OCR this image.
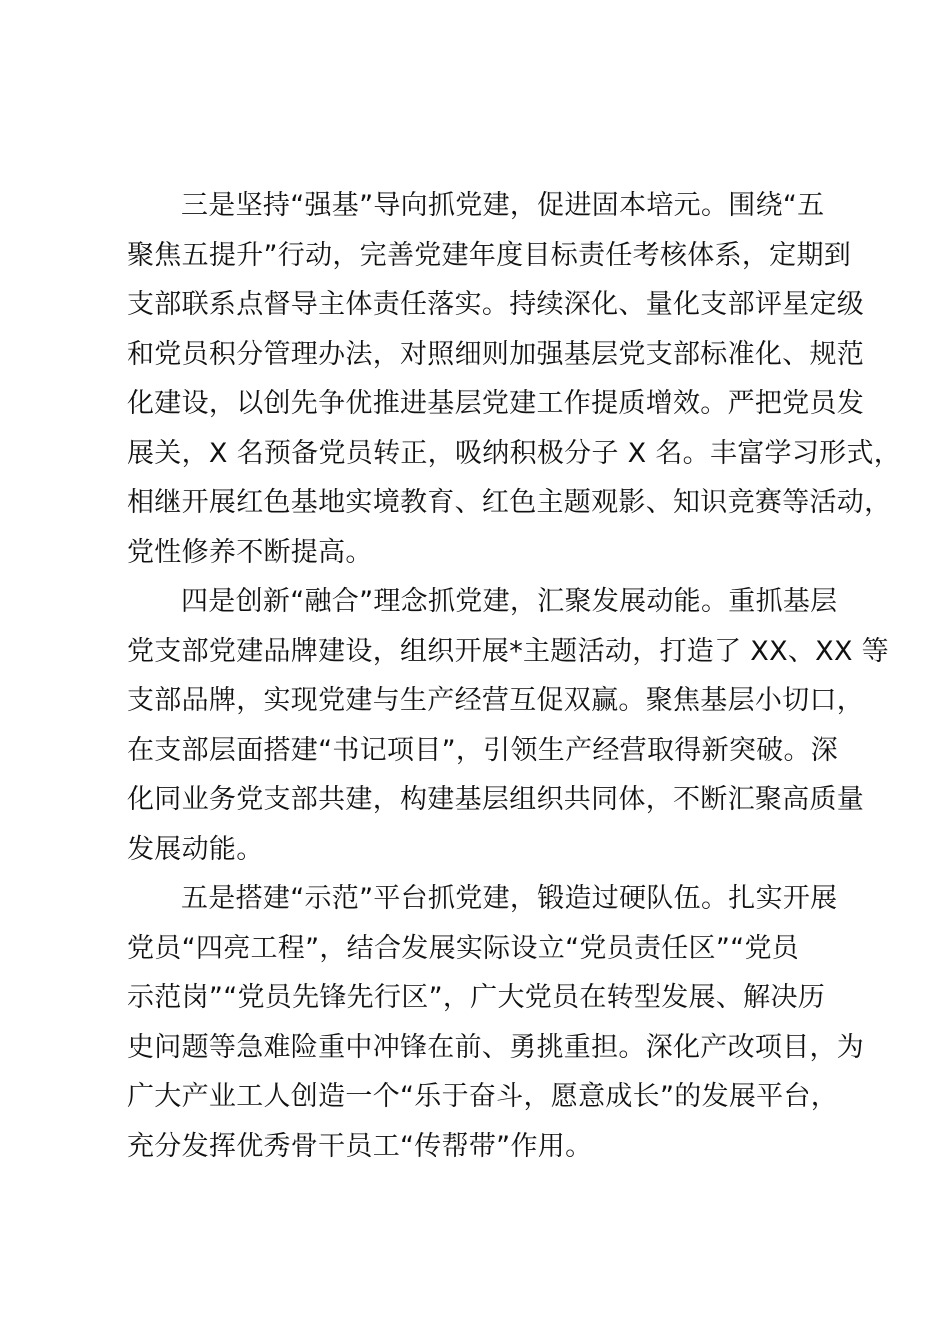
三是坚持“强基”导向抓党建，促进固本培元。围绕“五
聚焦五提升”行动，完善党建年度目标责任考核体系，定期到
支部联系点督导主体责任落实。持续深化、量化支部评星定级
和党员积分管理办法，对照细则加强基层党支部标准化、规范
化建设，以创先争优推进基层党建工作提质增效。严把党员发
展关，X 名预备党员转正，吸纳积极分子 X 名。丰富学习形式，
相继开展红色基地实境教育、红色主题观影、知识竞赛等活动，
党性修养不断提高。
四是创新“融合”理念抓党建，汇聚发展动能。重抓基层
党支部党建品牌建设，组织开展*主题活动，打造了 XX、XX 等
支部品牌，实现党建与生产经营互促双赢。聚焦基层小切口，
在支部层面搭建“书记项目”，引领生产经营取得新突破。深
化同业务党支部共建，构建基层组织共同体，不断汇聚高质量
发展动能。
五是搭建“示范”平台抓党建，锻造过硬队伍。扎实开展
党员“四亮工程”，结合发展实际设立“党员责任区”“党员
示范岗”“党员先锋先行区”，广大党员在转型发展、解决历
史问题等急难险重中冲锋在前、勇挑重担。深化产改项目，为
广大产业工人创造一个“乐于奋斗，愿意成长”的发展平台，
充分发挥优秀骨干员工“传帮带”作用。
